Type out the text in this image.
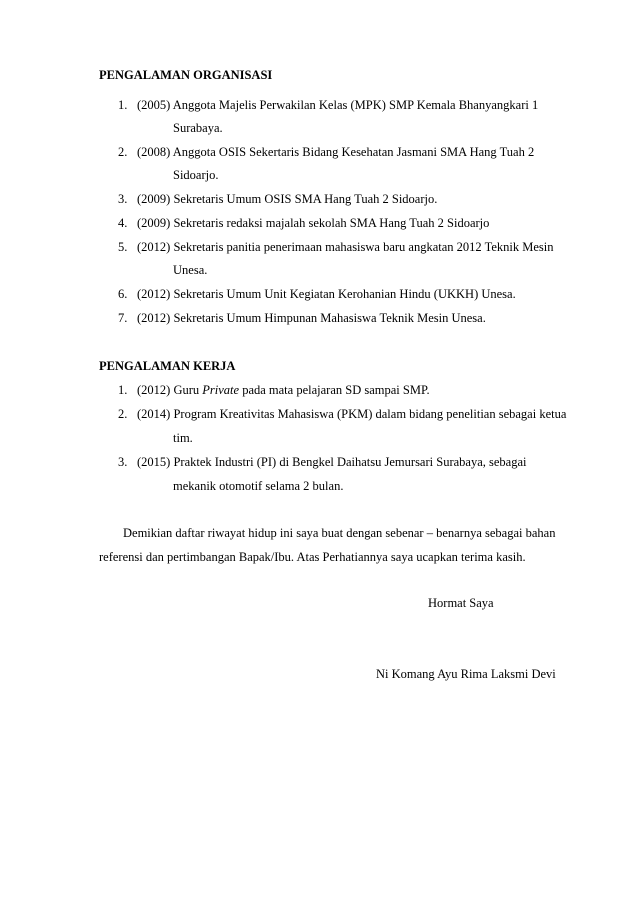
PENGALAMAN ORGANISASI
1. (2005) Anggota Majelis Perwakilan Kelas (MPK) SMP Kemala Bhanyangkari 1
Surabaya.
2. (2008) Anggota OSIS Sekertaris Bidang Kesehatan Jasmani SMA Hang Tuah 2
Sidoarjo.
3. (2009) Sekretaris Umum OSIS SMA Hang Tuah 2 Sidoarjo.
4. (2009) Sekretaris redaksi majalah sekolah SMA Hang Tuah 2 Sidoarjo
5. (2012) Sekretaris panitia penerimaan mahasiswa baru angkatan 2012 Teknik Mesin
Unesa.
6. (2012) Sekretaris Umum Unit Kegiatan Kerohanian Hindu (UKKH) Unesa.
7. (2012) Sekretaris Umum Himpunan Mahasiswa Teknik Mesin Unesa.
PENGALAMAN KERJA
1. (2012) Guru Private pada mata pelajaran SD sampai SMP.
2. (2014) Program Kreativitas Mahasiswa (PKM) dalam bidang penelitian sebagai ketua
tim.
3. (2015) Praktek Industri (PI) di Bengkel Daihatsu Jemursari Surabaya, sebagai
mekanik otomotif selama 2 bulan.
Demikian daftar riwayat hidup ini saya buat dengan sebenar – benarnya sebagai bahan
referensi dan pertimbangan Bapak/Ibu. Atas Perhatiannya saya ucapkan terima kasih.
Hormat Saya
Ni Komang Ayu Rima Laksmi Devi
